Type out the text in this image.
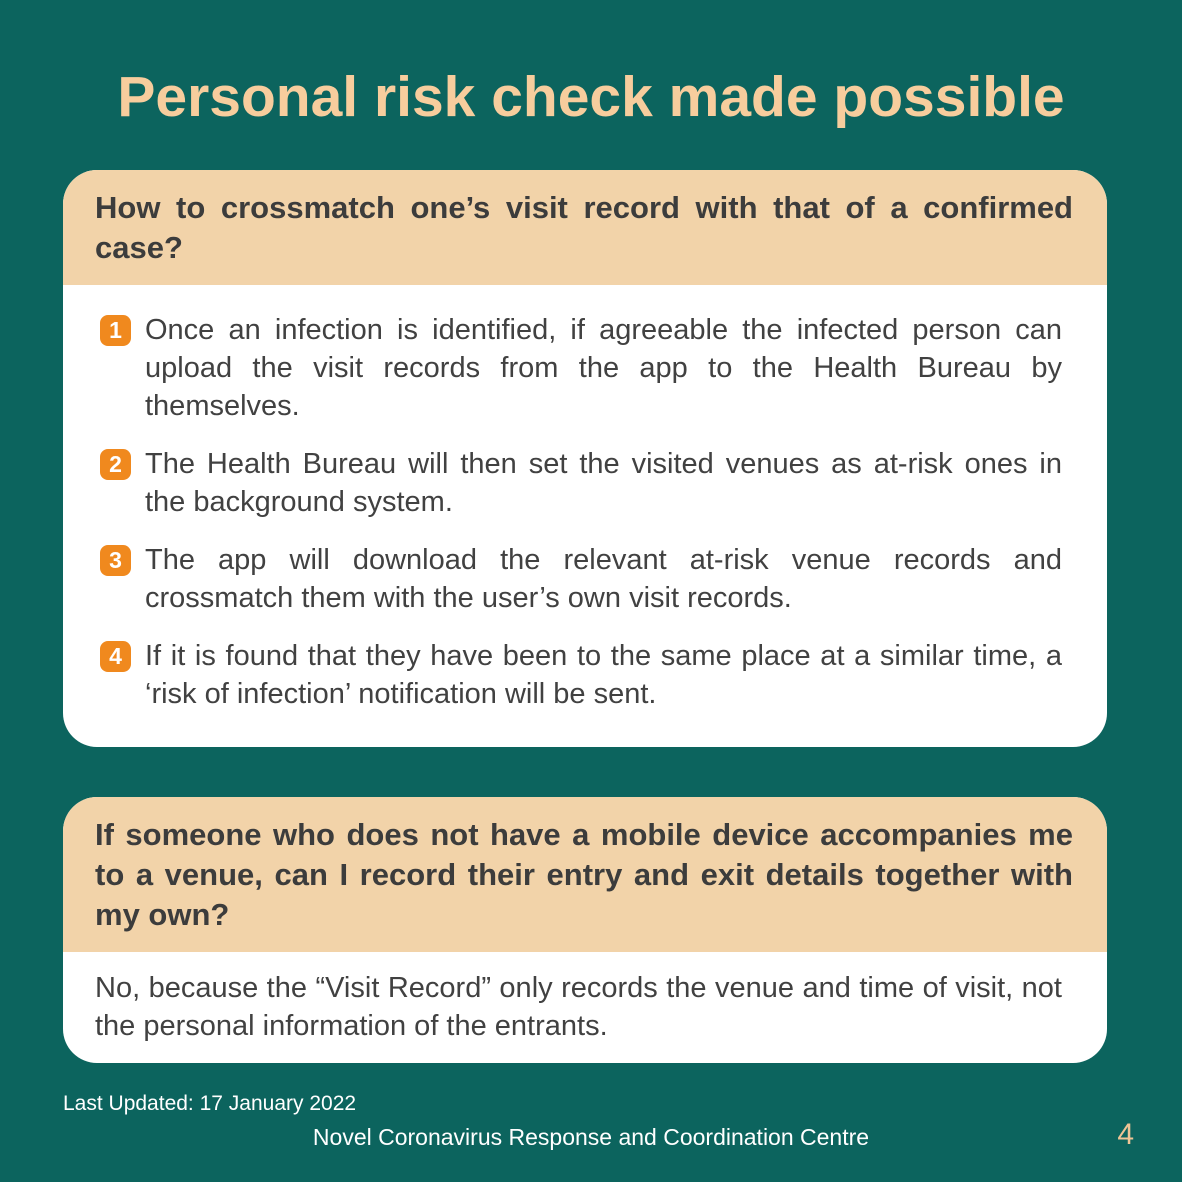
Personal risk check made possible
How to crossmatch one’s visit record with that of a confirmed case?
1 Once an infection is identified, if agreeable the infected person can upload the visit records from the app to the Health Bureau by themselves.
2 The Health Bureau will then set the visited venues as at-risk ones in the background system.
3 The app will download the relevant at-risk venue records and crossmatch them with the user’s own visit records.
4 If it is found that they have been to the same place at a similar time, a ‘risk of infection’ notification will be sent.
If someone who does not have a mobile device accompanies me to a venue, can I record their entry and exit details together with my own?
No, because the “Visit Record” only records the venue and time of visit, not the personal information of the entrants.
Last Updated: 17 January 2022
Novel Coronavirus Response and Coordination Centre	4
